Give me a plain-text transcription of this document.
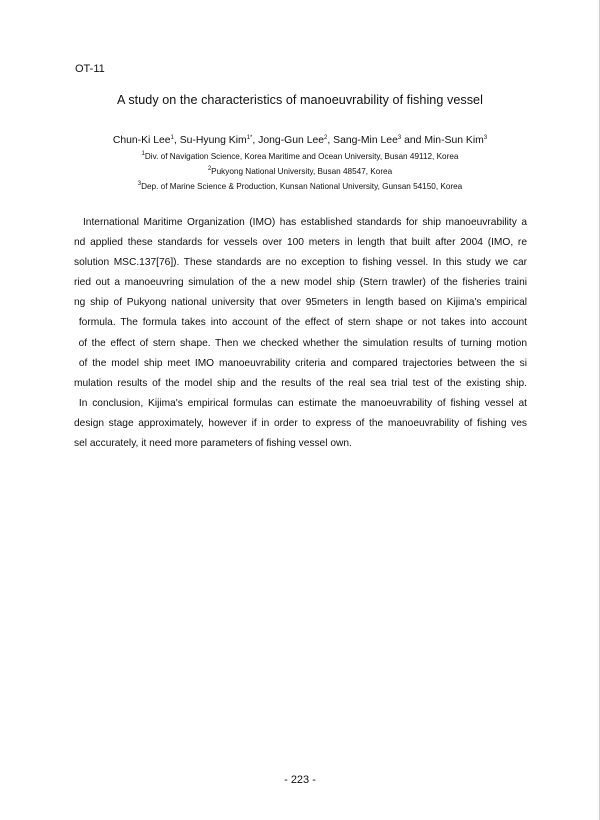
OT-11
A study on the characteristics of manoeuvrability of fishing vessel
Chun-Ki Lee$^1$, Su-Hyung Kim$^{1*}$, Jong-Gun Lee$^2$, Sang-Min Lee$^3$ and Min-Sun Kim$^3$
$^1$Div. of Navigation Science, Korea Maritime and Ocean University, Busan 49112, Korea
$^2$Pukyong National University, Busan 48547, Korea
$^3$Dep. of Marine Science & Production, Kunsan National University, Gunsan 54150, Korea
International Maritime Organization (IMO) has established standards for ship manoeuvrability a
nd applied these standards for vessels over 100 meters in length that built after 2004 (IMO, re
solution MSC.137[76]). These standards are no exception to fishing vessel. In this study we car
ried out a manoeuvring simulation of the a new model ship (Stern trawler) of the fisheries traini
ng ship of Pukyong national university that over 95meters in length based on Kijima's empirical
formula. The formula takes into account of the effect of stern shape or not takes into account
of the effect of stern shape. Then we checked whether the simulation results of turning motion
of the model ship meet IMO manoeuvrability criteria and compared trajectories between the si
mulation results of the model ship and the results of the real sea trial test of the existing ship.
In conclusion, Kijima's empirical formulas can estimate the manoeuvrability of fishing vessel at
design stage approximately, however if in order to express of the manoeuvrability of fishing ves
sel accurately, it need more parameters of fishing vessel own.
- 223 -
